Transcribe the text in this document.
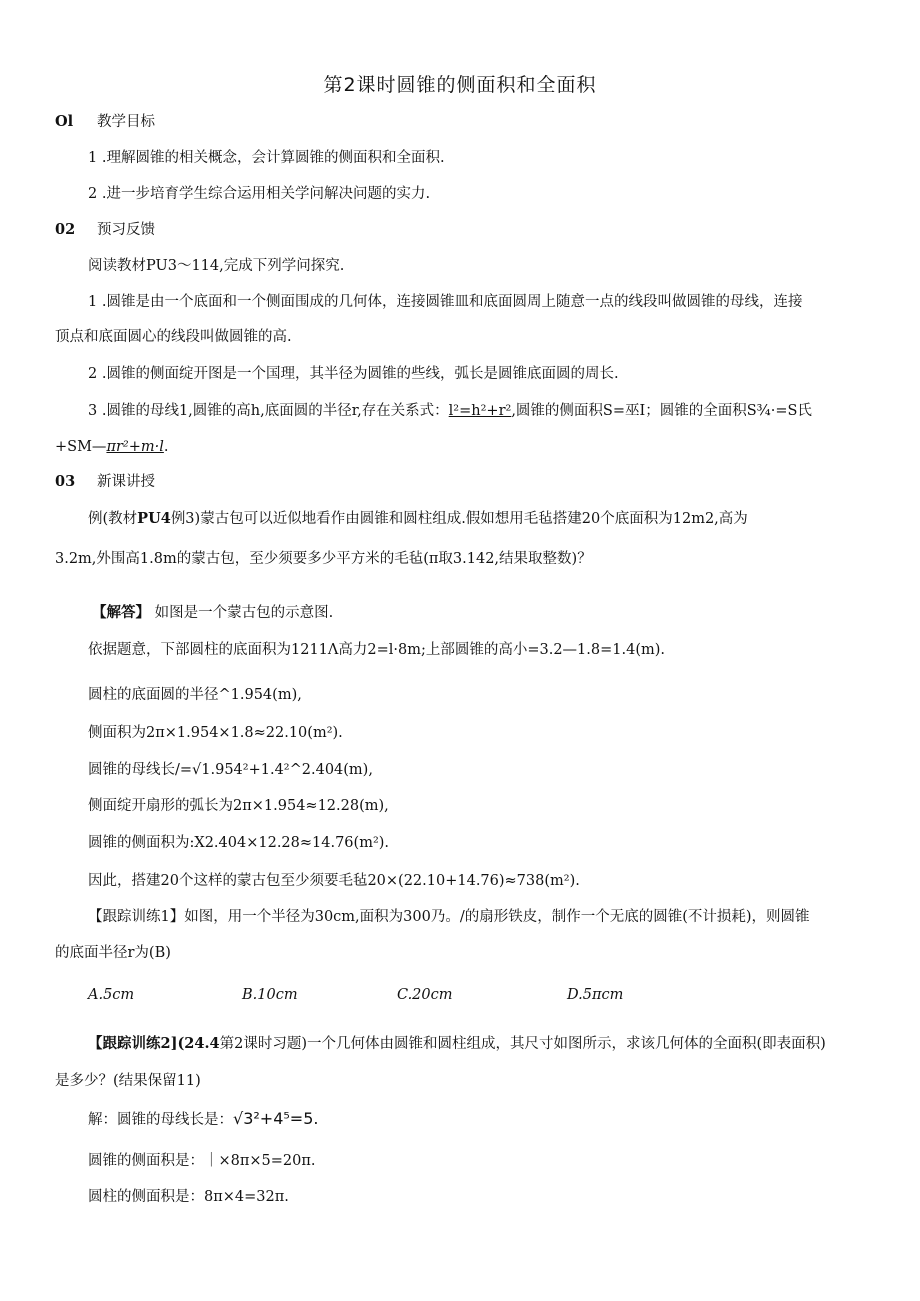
第2课时圆锥的侧面积和全面积
Ol 教学目标
1 .理解圆锥的相关概念，会计算圆锥的侧面积和全面积.
2 .进一步培育学生综合运用相关学问解决问题的实力.
02 预习反馈
阅读教材PU3～114,完成下列学问探究.
1 .圆锥是由一个底面和一个侧面围成的几何体，连接圆锥皿和底面圆周上随意一点的线段叫做圆锥的母线，连接
顶点和底面圆心的线段叫做圆锥的高.
2 .圆锥的侧面绽开图是一个国理，其半径为圆锥的些线，弧长是圆锥底面圆的周长.
3 .圆锥的母线1,圆锥的高h,底面圆的半径r,存在关系式：l²=h²+r²,圆锥的侧面积S=巫I；圆锥的全面积S¾·=S氏
+SM—πr²+m·l.
03 新课讲授
例(教材PU4例3)蒙古包可以近似地看作由圆锥和圆柱组成.假如想用毛毡搭建20个底面积为12m2,高为
3.2m,外围高1.8m的蒙古包，至少须要多少平方米的毛毡(π取3.142,结果取整数)？
【解答】 如图是一个蒙古包的示意图.
依据题意，下部圆柱的底面积为1211Λ高力2=l·8m;上部圆锥的高小=3.2—1.8=1.4(m).
圆柱的底面圆的半径^1.954(m),
侧面积为2π×1.954×1.8≈22.10(m²).
圆锥的母线长/=√1.954²+1.4²^2.404(m),
侧面绽开扇形的弧长为2π×1.954≈12.28(m),
圆锥的侧面积为:X2.404×12.28≈14.76(m²).
因此，搭建20个这样的蒙古包至少须要毛毡20×(22.10+14.76)≈738(m²).
【跟踪训练1】如图，用一个半径为30cm,面积为300乃。/的扇形铁皮，制作一个无底的圆锥(不计损耗)，则圆锥
的底面半径r为(B)
A.5cm	B.10cm	C.20cm	D.5πcm
【跟踪训练2](24.4第2课时习题)一个几何体由圆锥和圆柱组成，其尺寸如图所示，求该几何体的全面积(即表面积)
是多少？(结果保留11)
解：圆锥的母线长是：√3²+4⁵=5.
圆锥的侧面积是：｜×8π×5=20π.
圆柱的侧面积是：8π×4=32π.
